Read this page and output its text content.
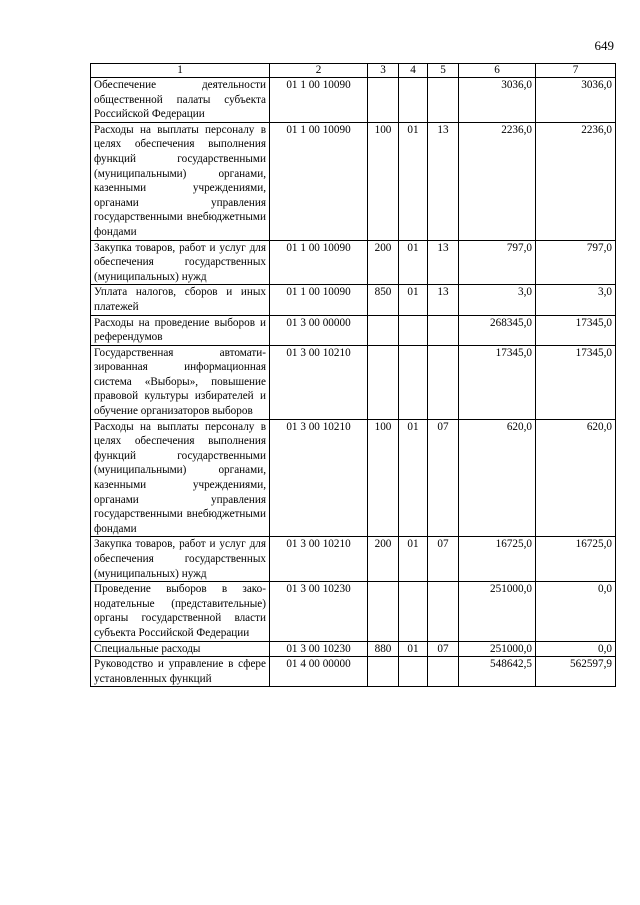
649
1	2	3	4	5	6	7
Обеспечение деятельности общественной палаты субъекта Российской Федерации	01 1 00 10090				3036,0	3036,0
Расходы на выплаты персоналу в целях обеспечения выполнения функций государственными (муниципальными) органами, казенными учреждениями, органами управления государственными внебюджетными фондами	01 1 00 10090	100	01	13	2236,0	2236,0
Закупка товаров, работ и услуг для обеспечения государственных (муниципальных) нужд	01 1 00 10090	200	01	13	797,0	797,0
Уплата налогов, сборов и иных платежей	01 1 00 10090	850	01	13	3,0	3,0
Расходы на проведение выборов и референдумов	01 3 00 00000				268345,0	17345,0
Государственная автоматизированная информационная система «Выборы», повышение правовой культуры избирателей и обучение организаторов выборов	01 3 00 10210				17345,0	17345,0
Расходы на выплаты персоналу в целях обеспечения выполнения функций государственными (муниципальными) органами, казенными учреждениями, органами управления государственными внебюджетными фондами	01 3 00 10210	100	01	07	620,0	620,0
Закупка товаров, работ и услуг для обеспечения государственных (муниципальных) нужд	01 3 00 10210	200	01	07	16725,0	16725,0
Проведение выборов в законодательные (представительные) органы государственной власти субъекта Российской Федерации	01 3 00 10230				251000,0	0,0
Специальные расходы	01 3 00 10230	880	01	07	251000,0	0,0
Руководство и управление в сфере установленных функций	01 4 00 00000				548642,5	562597,9
